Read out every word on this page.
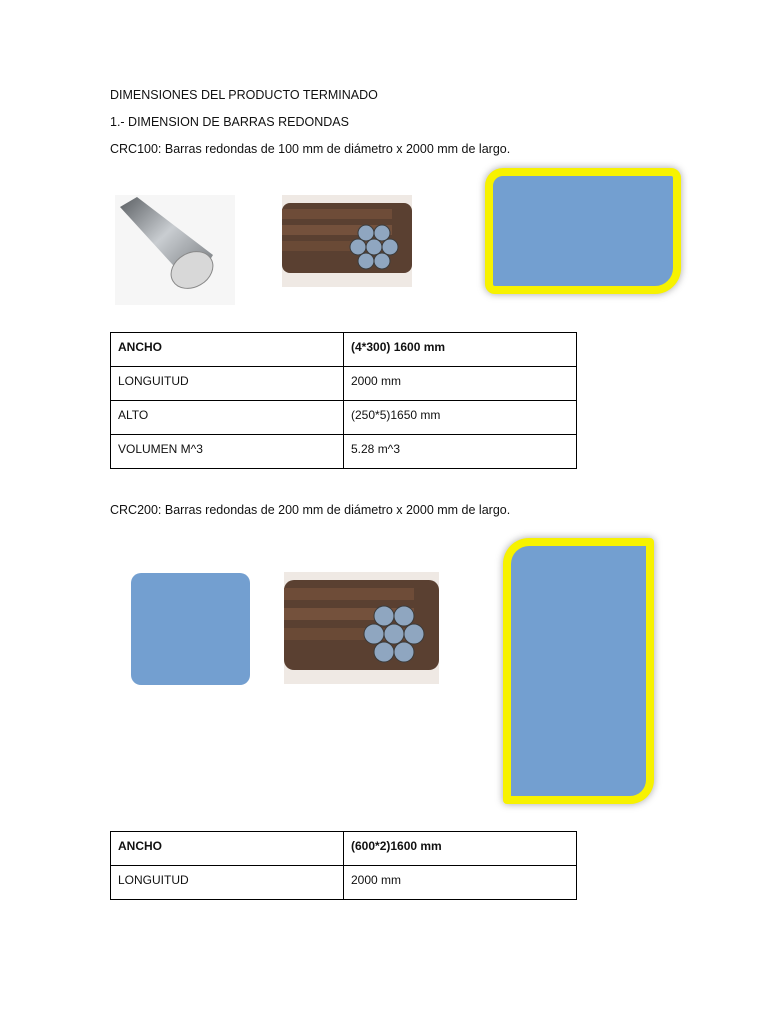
DIMENSIONES DEL PRODUCTO TERMINADO
1.- DIMENSION DE BARRAS REDONDAS
CRC100: Barras redondas de 100 mm de diámetro x 2000 mm de largo.
ANCHO	(4*300) 1600 mm
LONGUITUD	2000 mm
ALTO	(250*5)1650 mm
VOLUMEN M^3	5.28 m^3
CRC200: Barras redondas de 200 mm de diámetro x 2000 mm de largo.
ANCHO	(600*2)1600 mm
LONGUITUD	2000 mm
